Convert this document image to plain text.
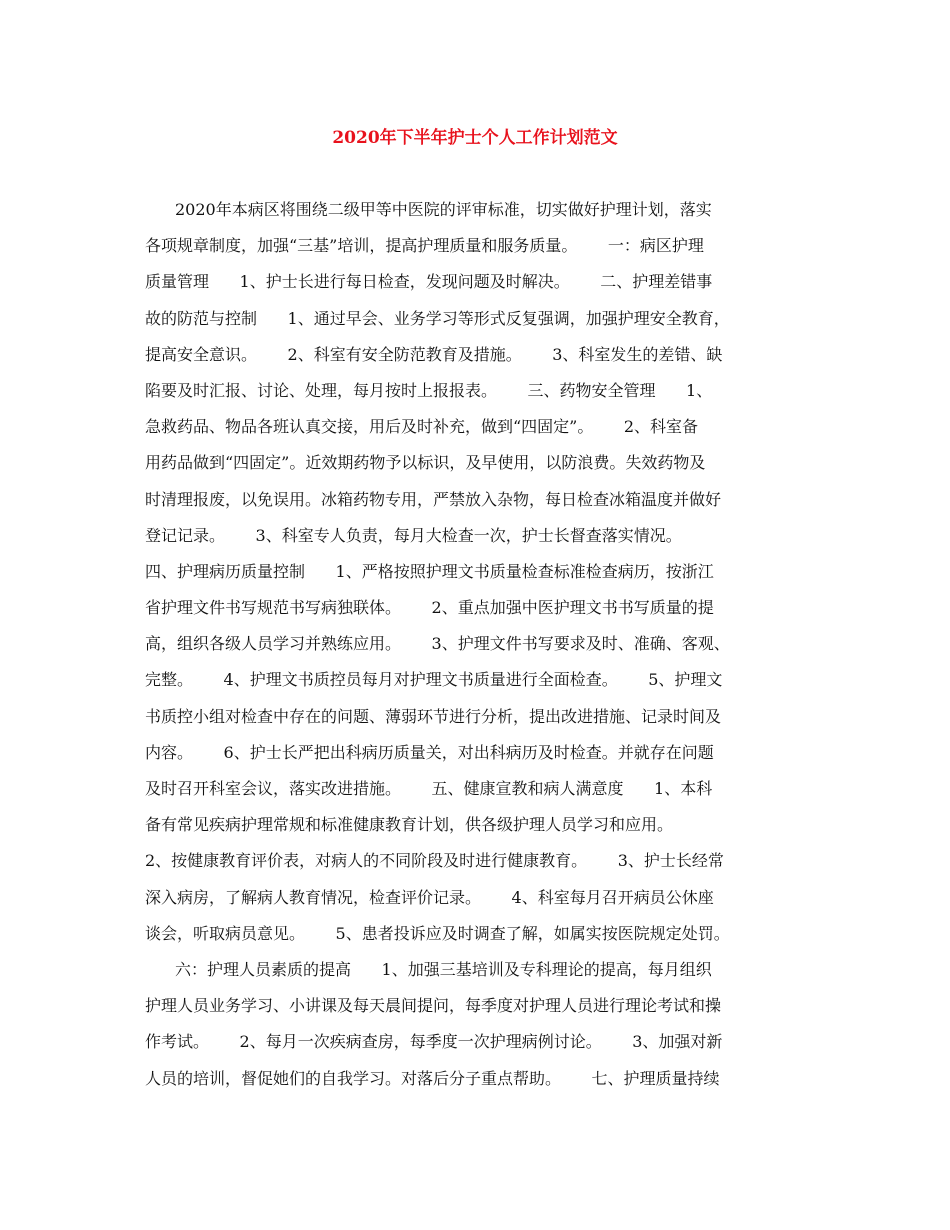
2020年下半年护士个人工作计划范文
2020年本病区将围绕二级甲等中医院的评审标准，切实做好护理计划，落实
各项规章制度，加强“三基”培训，提高护理质量和服务质量。      一：病区护理
质量管理      1、护士长进行每日检查，发现问题及时解决。      二、护理差错事
故的防范与控制      1、通过早会、业务学习等形式反复强调，加强护理安全教育，
提高安全意识。      2、科室有安全防范教育及措施。      3、科室发生的差错、缺
陷要及时汇报、讨论、处理，每月按时上报报表。      三、药物安全管理      1、
急救药品、物品各班认真交接，用后及时补充，做到“四固定”。      2、科室备
用药品做到“四固定”。近效期药物予以标识，及早使用，以防浪费。失效药物及
时清理报废，以免误用。冰箱药物专用，严禁放入杂物，每日检查冰箱温度并做好
登记记录。      3、科室专人负责，每月大检查一次，护士长督查落实情况。
四、护理病历质量控制      1、严格按照护理文书质量检查标准检查病历，按浙江
省护理文件书写规范书写病独联体。      2、重点加强中医护理文书书写质量的提
高，组织各级人员学习并熟练应用。      3、护理文件书写要求及时、准确、客观、
完整。      4、护理文书质控员每月对护理文书质量进行全面检查。      5、护理文
书质控小组对检查中存在的问题、薄弱环节进行分析，提出改进措施、记录时间及
内容。      6、护士长严把出科病历质量关，对出科病历及时检查。并就存在问题
及时召开科室会议，落实改进措施。      五、健康宣教和病人满意度      1、本科
备有常见疾病护理常规和标准健康教育计划，供各级护理人员学习和应用。
2、按健康教育评价表，对病人的不同阶段及时进行健康教育。      3、护士长经常
深入病房，了解病人教育情况，检查评价记录。      4、科室每月召开病员公休座
谈会，听取病员意见。      5、患者投诉应及时调查了解，如属实按医院规定处罚。
六：护理人员素质的提高      1、加强三基培训及专科理论的提高，每月组织
护理人员业务学习、小讲课及每天晨间提问，每季度对护理人员进行理论考试和操
作考试。      2、每月一次疾病查房，每季度一次护理病例讨论。      3、加强对新
人员的培训，督促她们的自我学习。对落后分子重点帮助。      七、护理质量持续
